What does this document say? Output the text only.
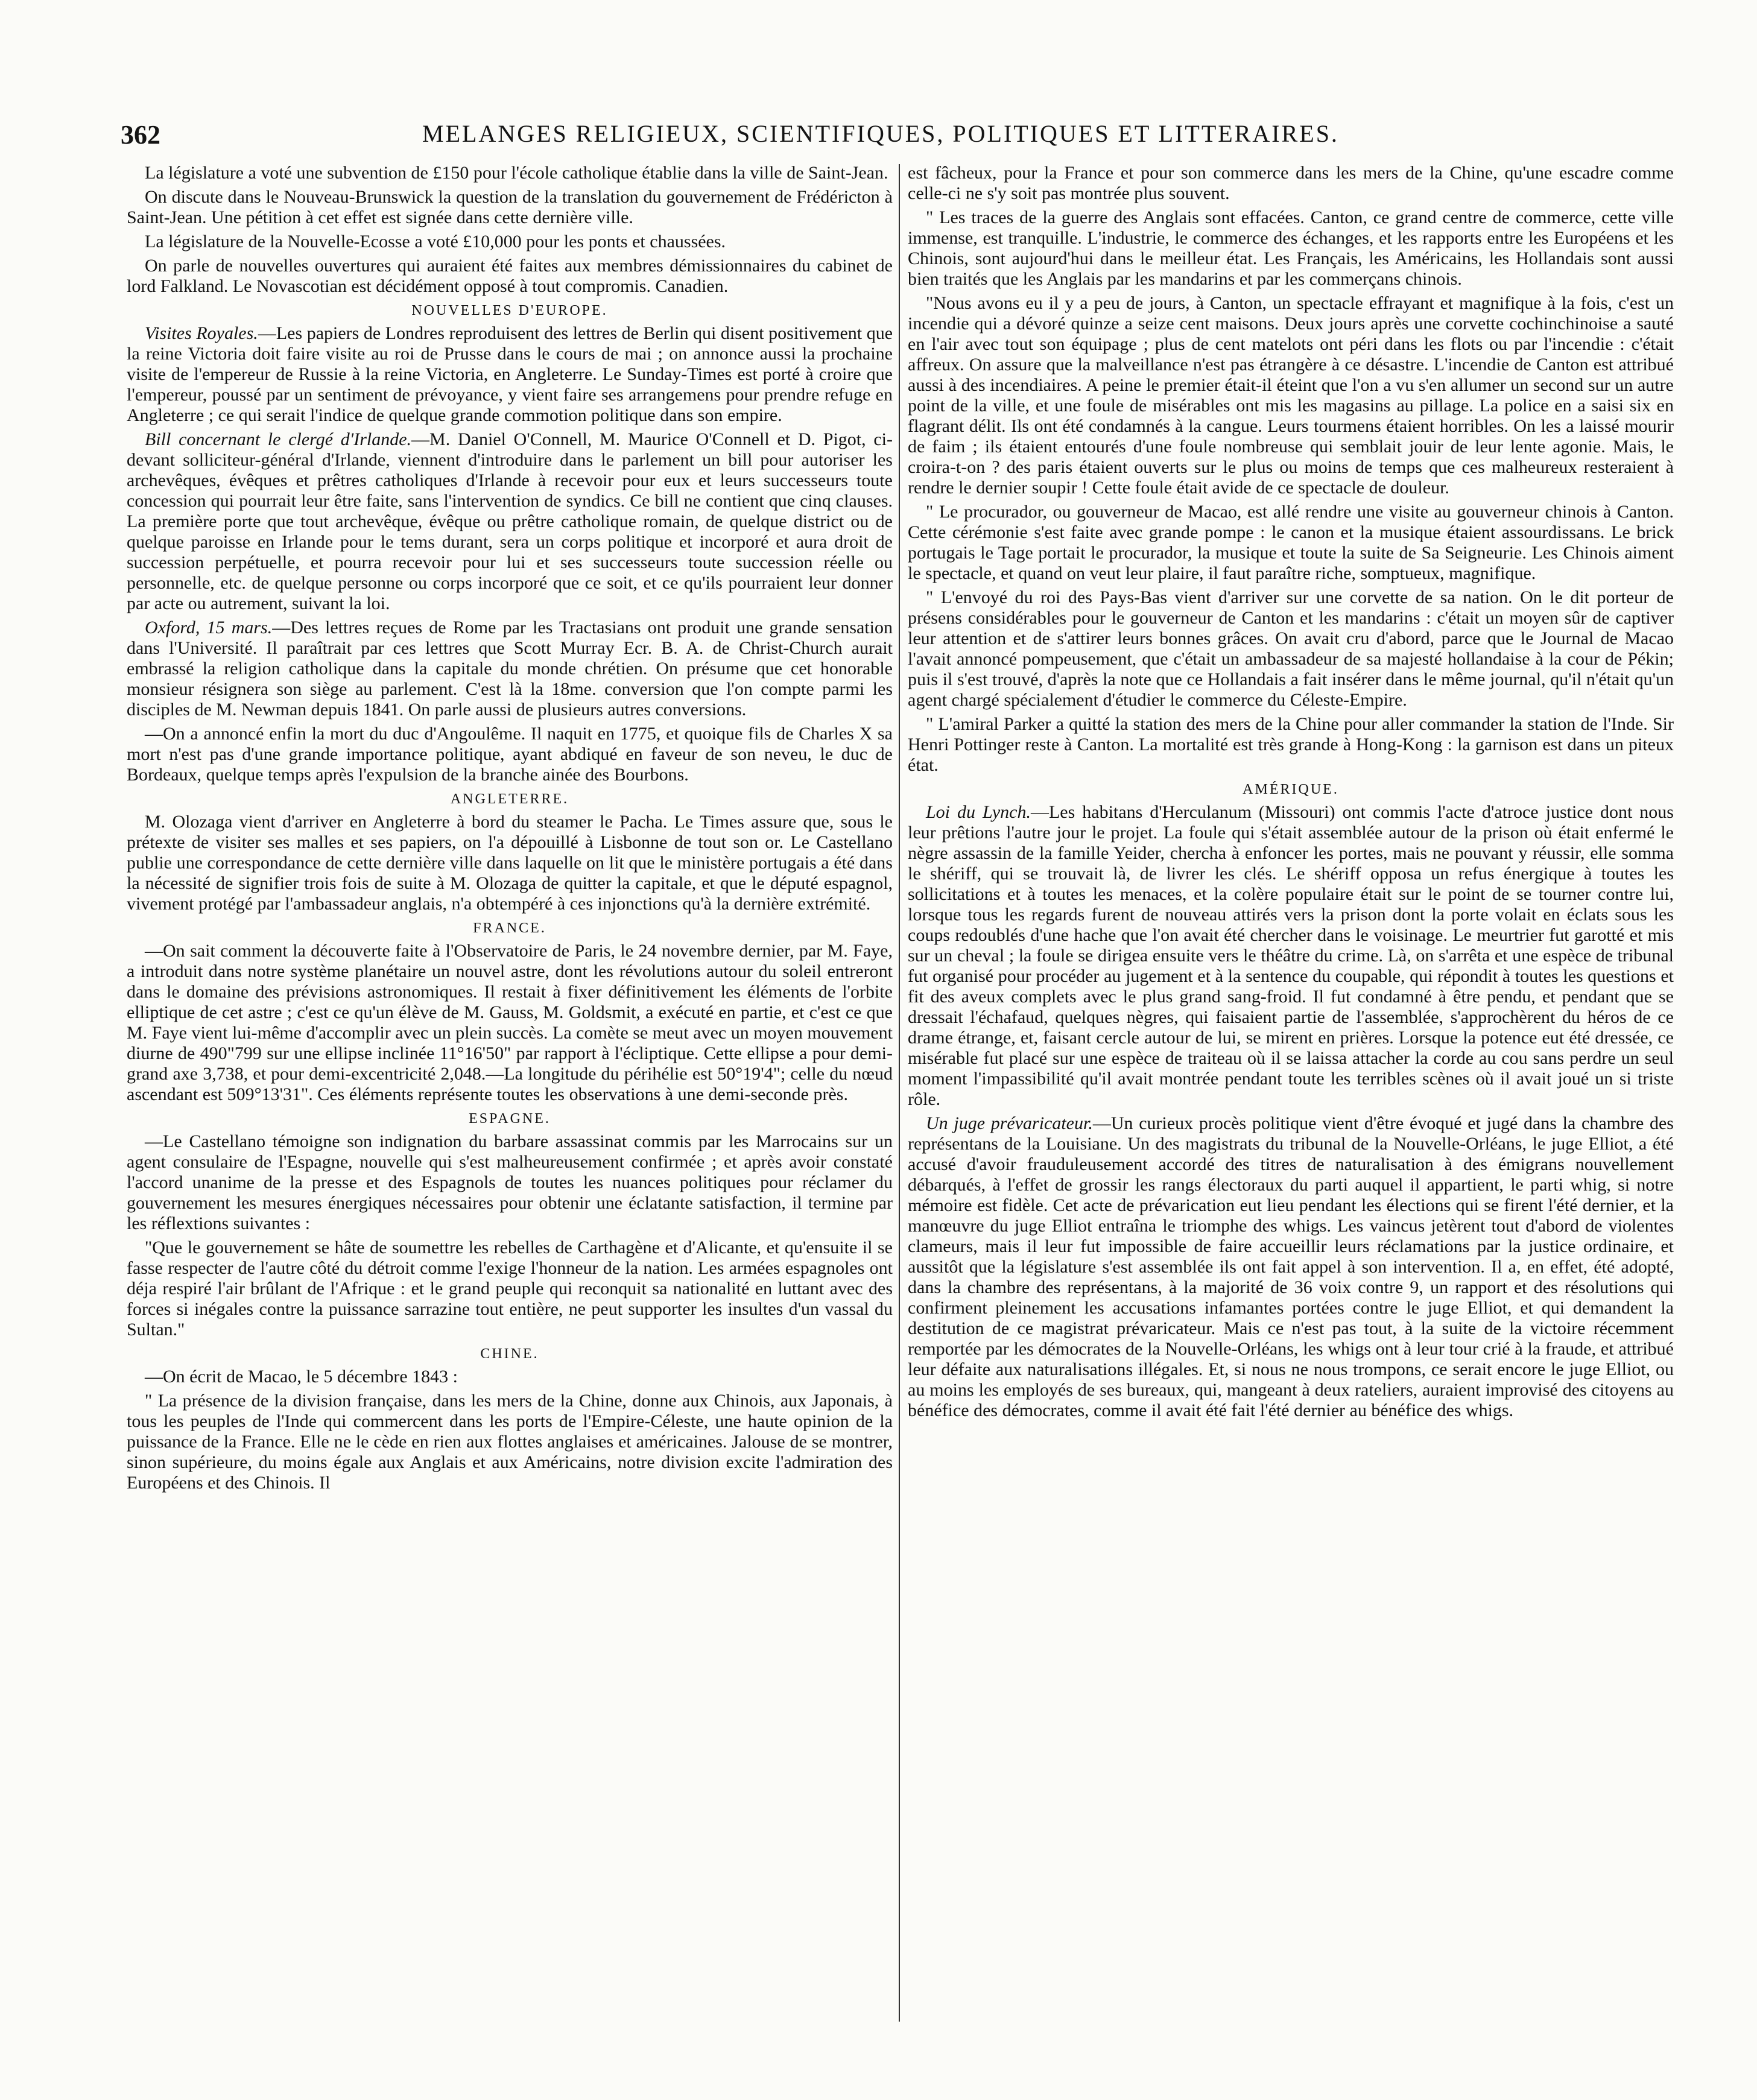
362	MELANGES RELIGIEUX, SCIENTIFIQUES, POLITIQUES ET LITTERAIRES.

La législature a voté une subvention de £150 pour l'école catholique établie dans la ville de Saint-Jean.

On discute dans le Nouveau-Brunswick la question de la translation du gouvernement de Frédéricton à Saint-Jean. Une pétition à cet effet est signée dans cette dernière ville.

La législature de la Nouvelle-Ecosse a voté £10,000 pour les ponts et chaussées.

On parle de nouvelles ouvertures qui auraient été faites aux membres démissionnaires du cabinet de lord Falkland. Le Novascotian est décidément opposé à tout compromis. Canadien.

NOUVELLES D'EUROPE.

Visites Royales.—Les papiers de Londres reproduisent des lettres de Berlin qui disent positivement que la reine Victoria doit faire visite au roi de Prusse dans le cours de mai ; on annonce aussi la prochaine visite de l'empereur de Russie à la reine Victoria, en Angleterre. Le Sunday-Times est porté à croire que l'empereur, poussé par un sentiment de prévoyance, y vient faire ses arrangemens pour prendre refuge en Angleterre ; ce qui serait l'indice de quelque grande commotion politique dans son empire.

Bill concernant le clergé d'Irlande.—M. Daniel O'Connell, M. Maurice O'Connell et D. Pigot, ci-devant solliciteur-général d'Irlande, viennent d'introduire dans le parlement un bill pour autoriser les archevêques, évêques et prêtres catholiques d'Irlande à recevoir pour eux et leurs successeurs toute concession qui pourrait leur être faite, sans l'intervention de syndics. Ce bill ne contient que cinq clauses. La première porte que tout archevêque, évêque ou prêtre catholique romain, de quelque district ou de quelque paroisse en Irlande pour le tems durant, sera un corps politique et incorporé et aura droit de succession perpétuelle, et pourra recevoir pour lui et ses successeurs toute succession réelle ou personnelle, etc. de quelque personne ou corps incorporé que ce soit, et ce qu'ils pourraient leur donner par acte ou autrement, suivant la loi.

Oxford, 15 mars.—Des lettres reçues de Rome par les Tractasians ont produit une grande sensation dans l'Université. Il paraîtrait par ces lettres que Scott Murray Ecr. B. A. de Christ-Church aurait embrassé la religion catholique dans la capitale du monde chrétien. On présume que cet honorable monsieur résignera son siège au parlement. C'est là la 18me. conversion que l'on compte parmi les disciples de M. Newman depuis 1841. On parle aussi de plusieurs autres conversions.

—On a annoncé enfin la mort du duc d'Angoulême. Il naquit en 1775, et quoique fils de Charles X sa mort n'est pas d'une grande importance politique, ayant abdiqué en faveur de son neveu, le duc de Bordeaux, quelque temps après l'expulsion de la branche ainée des Bourbons.

ANGLETERRE.

M. Olozaga vient d'arriver en Angleterre à bord du steamer le Pacha. Le Times assure que, sous le prétexte de visiter ses malles et ses papiers, on l'a dépouillé à Lisbonne de tout son or. Le Castellano publie une correspondance de cette dernière ville dans laquelle on lit que le ministère portugais a été dans la nécessité de signifier trois fois de suite à M. Olozaga de quitter la capitale, et que le député espagnol, vivement protégé par l'ambassadeur anglais, n'a obtempéré à ces injonctions qu'à la dernière extrémité.

FRANCE.

—On sait comment la découverte faite à l'Observatoire de Paris, le 24 novembre dernier, par M. Faye, a introduit dans notre système planétaire un nouvel astre, dont les révolutions autour du soleil entreront dans le domaine des prévisions astronomiques. Il restait à fixer définitivement les éléments de l'orbite elliptique de cet astre ; c'est ce qu'un élève de M. Gauss, M. Goldsmit, a exécuté en partie, et c'est ce que M. Faye vient lui-même d'accomplir avec un plein succès. La comète se meut avec un moyen mouvement diurne de 490"799 sur une ellipse inclinée 11°16'50" par rapport à l'écliptique. Cette ellipse a pour demi-grand axe 3,738, et pour demi-excentricité 2,048.—La longitude du périhélie est 50°19'4"; celle du nœud ascendant est 509°13'31". Ces éléments représente toutes les observations à une demi-seconde près.

ESPAGNE.

—Le Castellano témoigne son indignation du barbare assassinat commis par les Marrocains sur un agent consulaire de l'Espagne, nouvelle qui s'est malheureusement confirmée ; et après avoir constaté l'accord unanime de la presse et des Espagnols de toutes les nuances politiques pour réclamer du gouvernement les mesures énergiques nécessaires pour obtenir une éclatante satisfaction, il termine par les réflextions suivantes :

"Que le gouvernement se hâte de soumettre les rebelles de Carthagène et d'Alicante, et qu'ensuite il se fasse respecter de l'autre côté du détroit comme l'exige l'honneur de la nation. Les armées espagnoles ont déja respiré l'air brûlant de l'Afrique : et le grand peuple qui reconquit sa nationalité en luttant avec des forces si inégales contre la puissance sarrazine tout entière, ne peut supporter les insultes d'un vassal du Sultan."

CHINE.

—On écrit de Macao, le 5 décembre 1843 :

" La présence de la division française, dans les mers de la Chine, donne aux Chinois, aux Japonais, à tous les peuples de l'Inde qui commercent dans les ports de l'Empire-Céleste, une haute opinion de la puissance de la France. Elle ne le cède en rien aux flottes anglaises et américaines. Jalouse de se montrer, sinon supérieure, du moins égale aux Anglais et aux Américains, notre division excite l'admiration des Européens et des Chinois. Il

est fâcheux, pour la France et pour son commerce dans les mers de la Chine, qu'une escadre comme celle-ci ne s'y soit pas montrée plus souvent.

" Les traces de la guerre des Anglais sont effacées. Canton, ce grand centre de commerce, cette ville immense, est tranquille. L'industrie, le commerce des échanges, et les rapports entre les Européens et les Chinois, sont aujourd'hui dans le meilleur état. Les Français, les Américains, les Hollandais sont aussi bien traités que les Anglais par les mandarins et par les commerçans chinois.

"Nous avons eu il y a peu de jours, à Canton, un spectacle effrayant et magnifique à la fois, c'est un incendie qui a dévoré quinze a seize cent maisons. Deux jours après une corvette cochinchinoise a sauté en l'air avec tout son équipage ; plus de cent matelots ont péri dans les flots ou par l'incendie : c'était affreux. On assure que la malveillance n'est pas étrangère à ce désastre. L'incendie de Canton est attribué aussi à des incendiaires. A peine le premier était-il éteint que l'on a vu s'en allumer un second sur un autre point de la ville, et une foule de misérables ont mis les magasins au pillage. La police en a saisi six en flagrant délit. Ils ont été condamnés à la cangue. Leurs tourmens étaient horribles. On les a laissé mourir de faim ; ils étaient entourés d'une foule nombreuse qui semblait jouir de leur lente agonie. Mais, le croira-t-on ? des paris étaient ouverts sur le plus ou moins de temps que ces malheureux resteraient à rendre le dernier soupir ! Cette foule était avide de ce spectacle de douleur.

" Le procurador, ou gouverneur de Macao, est allé rendre une visite au gouverneur chinois à Canton. Cette cérémonie s'est faite avec grande pompe : le canon et la musique étaient assourdissans. Le brick portugais le Tage portait le procurador, la musique et toute la suite de Sa Seigneurie. Les Chinois aiment le spectacle, et quand on veut leur plaire, il faut paraître riche, somptueux, magnifique.

" L'envoyé du roi des Pays-Bas vient d'arriver sur une corvette de sa nation. On le dit porteur de présens considérables pour le gouverneur de Canton et les mandarins : c'était un moyen sûr de captiver leur attention et de s'attirer leurs bonnes grâces. On avait cru d'abord, parce que le Journal de Macao l'avait annoncé pompeusement, que c'était un ambassadeur de sa majesté hollandaise à la cour de Pékin; puis il s'est trouvé, d'après la note que ce Hollandais a fait insérer dans le même journal, qu'il n'était qu'un agent chargé spécialement d'étudier le commerce du Céleste-Empire.

" L'amiral Parker a quitté la station des mers de la Chine pour aller commander la station de l'Inde. Sir Henri Pottinger reste à Canton. La mortalité est très grande à Hong-Kong : la garnison est dans un piteux état.

AMÉRIQUE.

Loi du Lynch.—Les habitans d'Herculanum (Missouri) ont commis l'acte d'atroce justice dont nous leur prêtions l'autre jour le projet. La foule qui s'était assemblée autour de la prison où était enfermé le nègre assassin de la famille Yeider, chercha à enfoncer les portes, mais ne pouvant y réussir, elle somma le shériff, qui se trouvait là, de livrer les clés. Le shériff opposa un refus énergique à toutes les sollicitations et à toutes les menaces, et la colère populaire était sur le point de se tourner contre lui, lorsque tous les regards furent de nouveau attirés vers la prison dont la porte volait en éclats sous les coups redoublés d'une hache que l'on avait été chercher dans le voisinage. Le meurtrier fut garotté et mis sur un cheval ; la foule se dirigea ensuite vers le théâtre du crime. Là, on s'arrêta et une espèce de tribunal fut organisé pour procéder au jugement et à la sentence du coupable, qui répondit à toutes les questions et fit des aveux complets avec le plus grand sang-froid. Il fut condamné à être pendu, et pendant que se dressait l'échafaud, quelques nègres, qui faisaient partie de l'assemblée, s'approchèrent du héros de ce drame étrange, et, faisant cercle autour de lui, se mirent en prières. Lorsque la potence eut été dressée, ce misérable fut placé sur une espèce de traiteau où il se laissa attacher la corde au cou sans perdre un seul moment l'impassibilité qu'il avait montrée pendant toute les terribles scènes où il avait joué un si triste rôle.

Un juge prévaricateur.—Un curieux procès politique vient d'être évoqué et jugé dans la chambre des représentans de la Louisiane. Un des magistrats du tribunal de la Nouvelle-Orléans, le juge Elliot, a été accusé d'avoir frauduleusement accordé des titres de naturalisation à des émigrans nouvellement débarqués, à l'effet de grossir les rangs électoraux du parti auquel il appartient, le parti whig, si notre mémoire est fidèle. Cet acte de prévarication eut lieu pendant les élections qui se firent l'été dernier, et la manœuvre du juge Elliot entraîna le triomphe des whigs. Les vaincus jetèrent tout d'abord de violentes clameurs, mais il leur fut impossible de faire accueillir leurs réclamations par la justice ordinaire, et aussitôt que la législature s'est assemblée ils ont fait appel à son intervention. Il a, en effet, été adopté, dans la chambre des représentans, à la majorité de 36 voix contre 9, un rapport et des résolutions qui confirment pleinement les accusations infamantes portées contre le juge Elliot, et qui demandent la destitution de ce magistrat prévaricateur. Mais ce n'est pas tout, à la suite de la victoire récemment remportée par les démocrates de la Nouvelle-Orléans, les whigs ont à leur tour crié à la fraude, et attribué leur défaite aux naturalisations illégales. Et, si nous ne nous trompons, ce serait encore le juge Elliot, ou au moins les employés de ses bureaux, qui, mangeant à deux rateliers, auraient improvisé des citoyens au bénéfice des démocrates, comme il avait été fait l'été dernier au bénéfice des whigs.
